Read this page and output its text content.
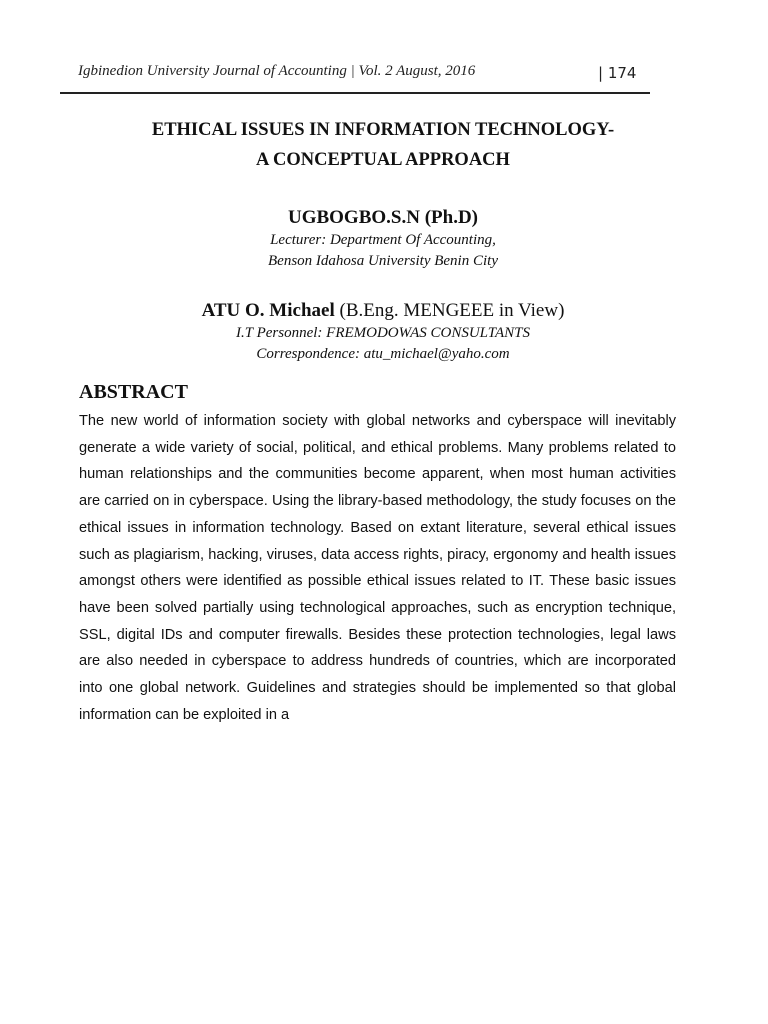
Igbinedion University Journal of Accounting | Vol. 2 August, 2016	| 174
ETHICAL ISSUES IN INFORMATION TECHNOLOGY-
A CONCEPTUAL APPROACH
UGBOGBO.S.N (Ph.D)
Lecturer: Department Of Accounting,
Benson Idahosa University Benin City
ATU O. Michael (B.Eng. MENGEEE in View)
I.T Personnel: FREMODOWAS CONSULTANTS
Correspondence: atu_michael@yaho.com
ABSTRACT
The new world of information society with global networks and cyberspace will inevitably generate a wide variety of social, political, and ethical problems. Many problems related to human relationships and the communities become apparent, when most human activities are carried on in cyberspace. Using the library-based methodology, the study focuses on the ethical issues in information technology. Based on extant literature, several ethical issues such as plagiarism, hacking, viruses, data access rights, piracy, ergonomy and health issues amongst others were identified as possible ethical issues related to IT. These basic issues have been solved partially using technological approaches, such as encryption technique, SSL, digital IDs and computer firewalls. Besides these protection technologies, legal laws are also needed in cyberspace to address hundreds of countries, which are incorporated into one global network. Guidelines and strategies should be implemented so that global information can be exploited in a
